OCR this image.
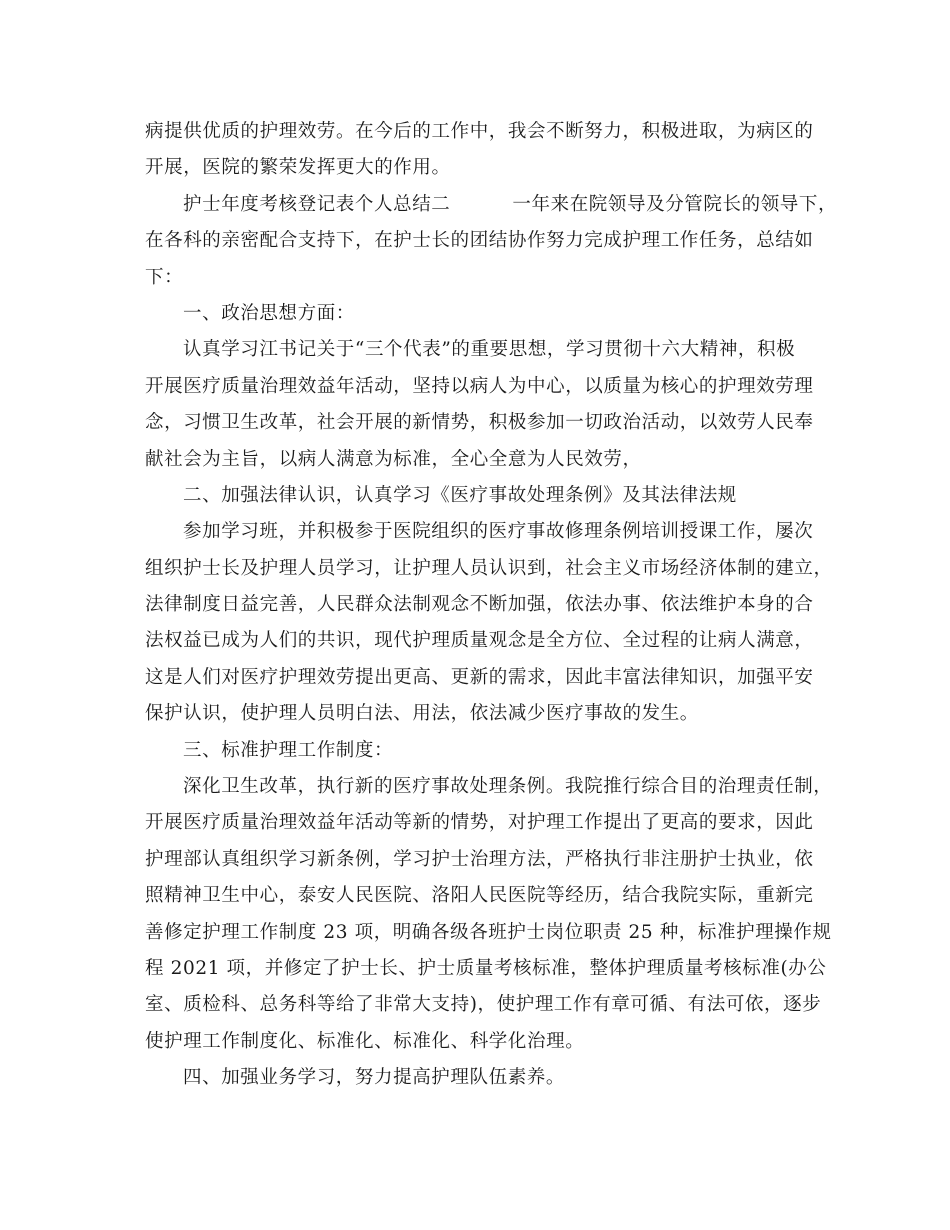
病提供优质的护理效劳。在今后的工作中，我会不断努力，积极进取，为病区的
开展，医院的繁荣发挥更大的作用。
护士年度考核登记表个人总结二	一年来在院领导及分管院长的领导下，
在各科的亲密配合支持下，在护士长的团结协作努力完成护理工作任务，总结如
下：
一、政治思想方面：
认真学习江书记关于“三个代表”的重要思想，学习贯彻十六大精神，积极
开展医疗质量治理效益年活动，坚持以病人为中心，以质量为核心的护理效劳理
念，习惯卫生改革，社会开展的新情势，积极参加一切政治活动，以效劳人民奉
献社会为主旨，以病人满意为标准，全心全意为人民效劳，
二、加强法律认识，认真学习《医疗事故处理条例》及其法律法规
参加学习班，并积极参于医院组织的医疗事故修理条例培训授课工作，屡次
组织护士长及护理人员学习，让护理人员认识到，社会主义市场经济体制的建立，
法律制度日益完善，人民群众法制观念不断加强，依法办事、依法维护本身的合
法权益已成为人们的共识，现代护理质量观念是全方位、全过程的让病人满意，
这是人们对医疗护理效劳提出更高、更新的需求，因此丰富法律知识，加强平安
保护认识，使护理人员明白法、用法，依法减少医疗事故的发生。
三、标准护理工作制度：
深化卫生改革，执行新的医疗事故处理条例。我院推行综合目的治理责任制，
开展医疗质量治理效益年活动等新的情势，对护理工作提出了更高的要求，因此
护理部认真组织学习新条例，学习护士治理方法，严格执行非注册护士执业，依
照精神卫生中心，泰安人民医院、洛阳人民医院等经历，结合我院实际，重新完
善修定护理工作制度 23 项，明确各级各班护士岗位职责 25 种，标准护理操作规
程 2021 项，并修定了护士长、护士质量考核标准，整体护理质量考核标准(办公
室、质检科、总务科等给了非常大支持)，使护理工作有章可循、有法可依，逐步
使护理工作制度化、标准化、标准化、科学化治理。
四、加强业务学习，努力提高护理队伍素养。
